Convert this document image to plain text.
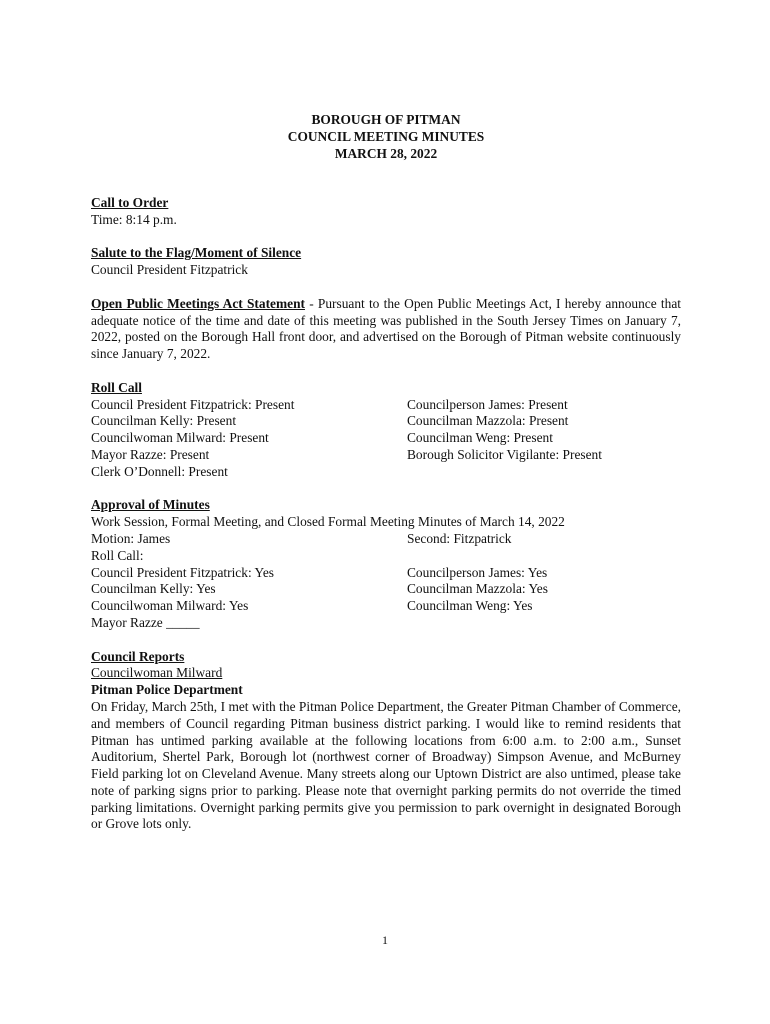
BOROUGH OF PITMAN
COUNCIL MEETING MINUTES
MARCH 28, 2022
Call to Order
Time: 8:14 p.m.
Salute to the Flag/Moment of Silence
Council President Fitzpatrick
Open Public Meetings Act Statement - Pursuant to the Open Public Meetings Act, I hereby announce that adequate notice of the time and date of this meeting was published in the South Jersey Times on January 7, 2022, posted on the Borough Hall front door, and advertised on the Borough of Pitman website continuously since January 7, 2022.
Roll Call
Council President Fitzpatrick: Present
Councilman Kelly: Present
Councilwoman Milward: Present
Mayor Razze: Present
Clerk O’Donnell: Present
Councilperson James: Present
Councilman Mazzola: Present
Councilman Weng: Present
Borough Solicitor Vigilante: Present
Approval of Minutes
Work Session, Formal Meeting, and Closed Formal Meeting Minutes of March 14, 2022
Motion: James	Second: Fitzpatrick
Roll Call:
Council President Fitzpatrick: Yes
Councilman Kelly: Yes
Councilwoman Milward: Yes
Mayor Razze _____
Councilperson James: Yes
Councilman Mazzola: Yes
Councilman Weng: Yes
Council Reports
Councilwoman Milward
Pitman Police Department
On Friday, March 25th, I met with the Pitman Police Department, the Greater Pitman Chamber of Commerce, and members of Council regarding Pitman business district parking. I would like to remind residents that Pitman has untimed parking available at the following locations from 6:00 a.m. to 2:00 a.m., Sunset Auditorium, Shertel Park, Borough lot (northwest corner of Broadway) Simpson Avenue, and McBurney Field parking lot on Cleveland Avenue. Many streets along our Uptown District are also untimed, please take note of parking signs prior to parking. Please note that overnight parking permits do not override the timed parking limitations. Overnight parking permits give you permission to park overnight in designated Borough or Grove lots only.
1
